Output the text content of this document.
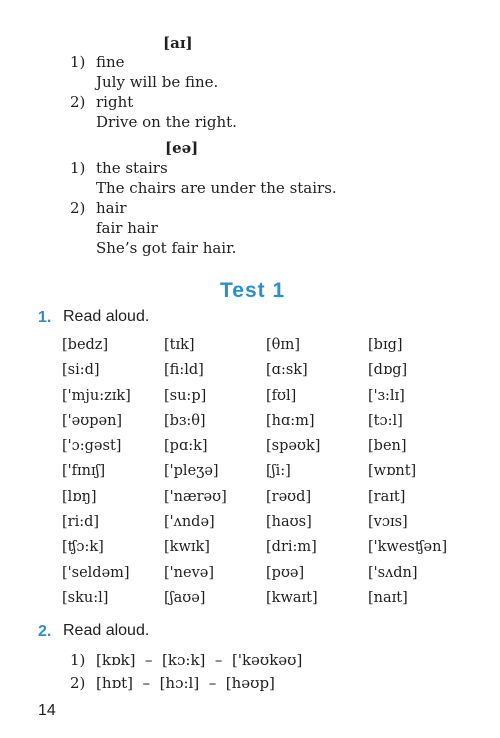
[aɪ]
1) fine
July will be fine.
2) right
Drive on the right.
[eə]
1) the stairs
The chairs are under the stairs.
2) hair
fair hair
She’s got fair hair.
Test 1
1. Read aloud.
[bedz]	[tɪk]	[θɪn]	[bɪg]
[si:d]	[fi:ld]	[ɑ:sk]	[dɒg]
['mju:zɪk]	[su:p]	[fʊl]	['ɜ:lɪ]
['əʊpən]	[bɜ:θ]	[hɑ:m]	[tɔ:l]
['ɔ:gəst]	[pɑ:k]	[spəʊk]	[ben]
['fɪnɪʃ]	['pleʒə]	[ʃi:]	[wɒnt]
[lɒŋ]	['nærəʊ]	[rəʊd]	[raɪt]
[ri:d]	['ʌndə]	[haʊs]	[vɔɪs]
[ʧɔ:k]	[kwɪk]	[dri:m]	['kwesʧən]
['seldəm]	['nevə]	[pʊə]	['sʌdn]
[sku:l]	[ʃaʊə]	[kwaɪt]	[naɪt]
2. Read aloud.
1) [kɒk]  –  [kɔ:k]  –  ['kəʊkəʊ]
2) [hɒt]  –  [hɔ:l]  –  [həʊp]
14
